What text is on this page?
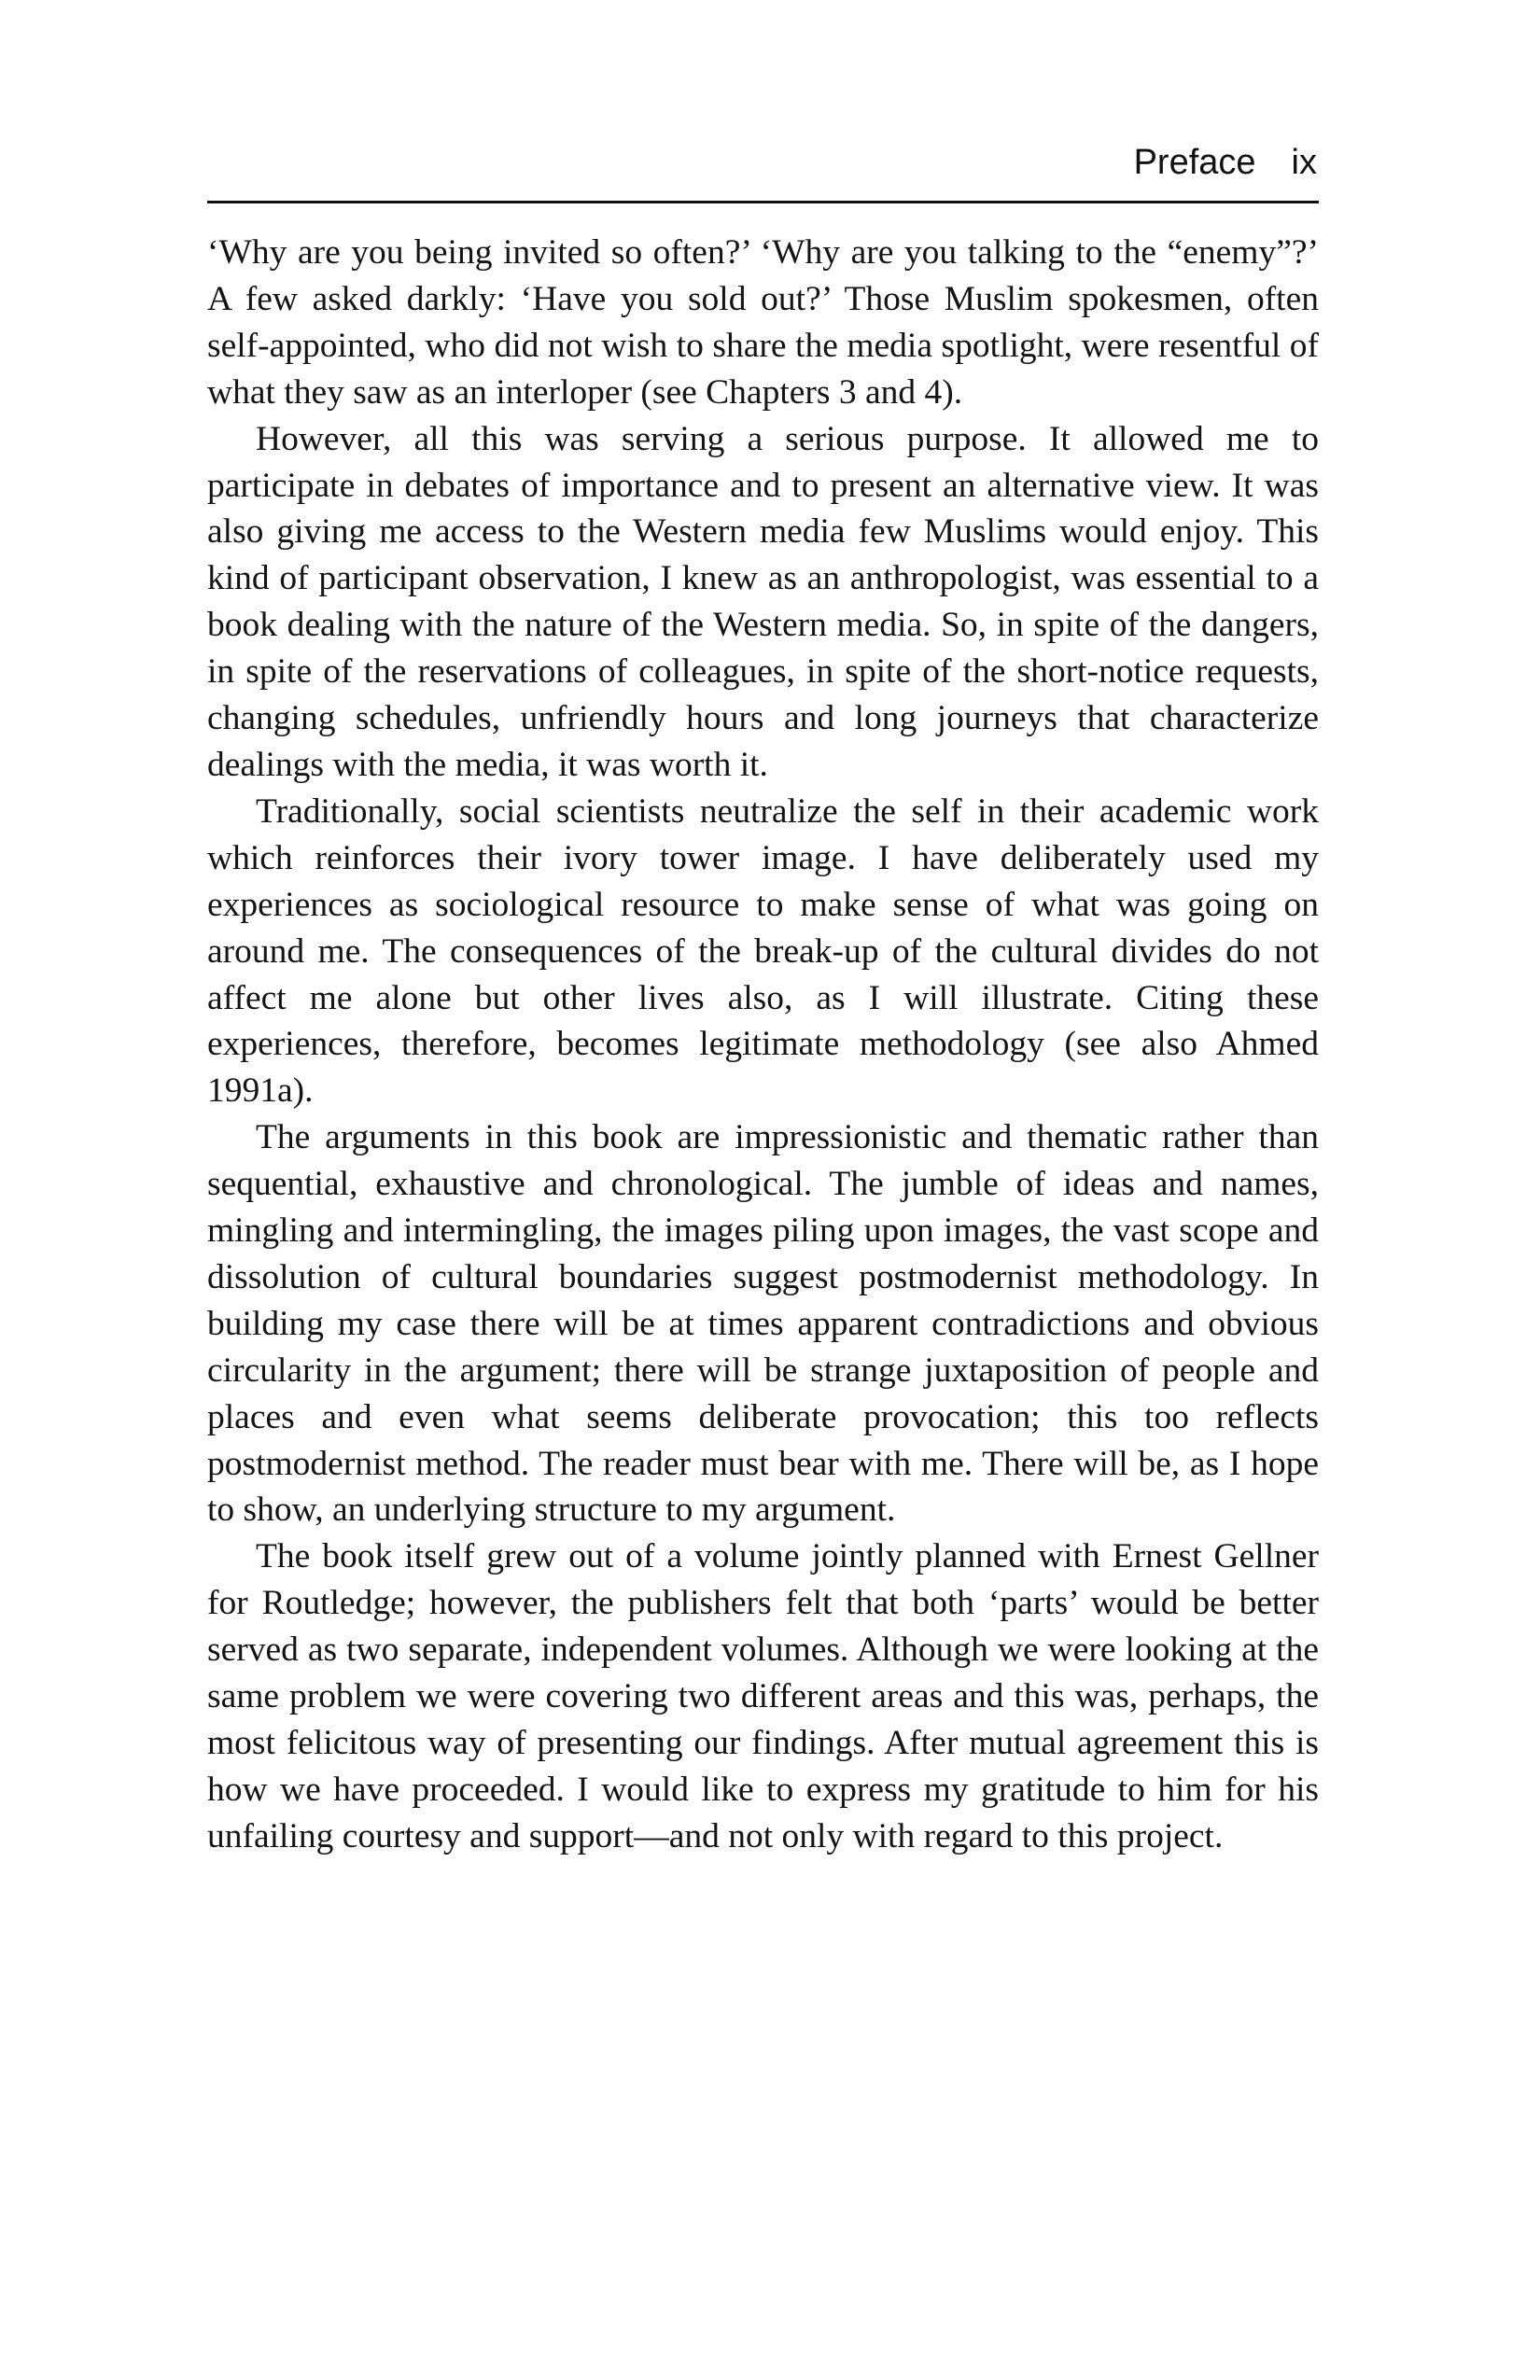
Preface ix

‘Why are you being invited so often?’ ‘Why are you talking to the “enemy”?’ A few asked darkly: ‘Have you sold out?’ Those Muslim spokesmen, often self-appointed, who did not wish to share the media spotlight, were resentful of what they saw as an interloper (see Chapters 3 and 4).

However, all this was serving a serious purpose. It allowed me to participate in debates of importance and to present an alternative view. It was also giving me access to the Western media few Muslims would enjoy. This kind of participant observation, I knew as an anthropologist, was essential to a book dealing with the nature of the Western media. So, in spite of the dangers, in spite of the reservations of colleagues, in spite of the short-notice requests, changing schedules, unfriendly hours and long journeys that characterize dealings with the media, it was worth it.

Traditionally, social scientists neutralize the self in their academic work which reinforces their ivory tower image. I have deliberately used my experiences as sociological resource to make sense of what was going on around me. The consequences of the break-up of the cultural divides do not affect me alone but other lives also, as I will illustrate. Citing these experiences, therefore, becomes legitimate methodology (see also Ahmed 1991a).

The arguments in this book are impressionistic and thematic rather than sequential, exhaustive and chronological. The jumble of ideas and names, mingling and intermingling, the images piling upon images, the vast scope and dissolution of cultural boundaries suggest postmodernist methodology. In building my case there will be at times apparent contradictions and obvious circularity in the argument; there will be strange juxtaposition of people and places and even what seems deliberate provocation; this too reflects postmodernist method. The reader must bear with me. There will be, as I hope to show, an underlying structure to my argument.

The book itself grew out of a volume jointly planned with Ernest Gellner for Routledge; however, the publishers felt that both ‘parts’ would be better served as two separate, independent volumes. Although we were looking at the same problem we were covering two different areas and this was, perhaps, the most felicitous way of presenting our findings. After mutual agreement this is how we have proceeded. I would like to express my gratitude to him for his unfailing courtesy and support—and not only with regard to this project.
